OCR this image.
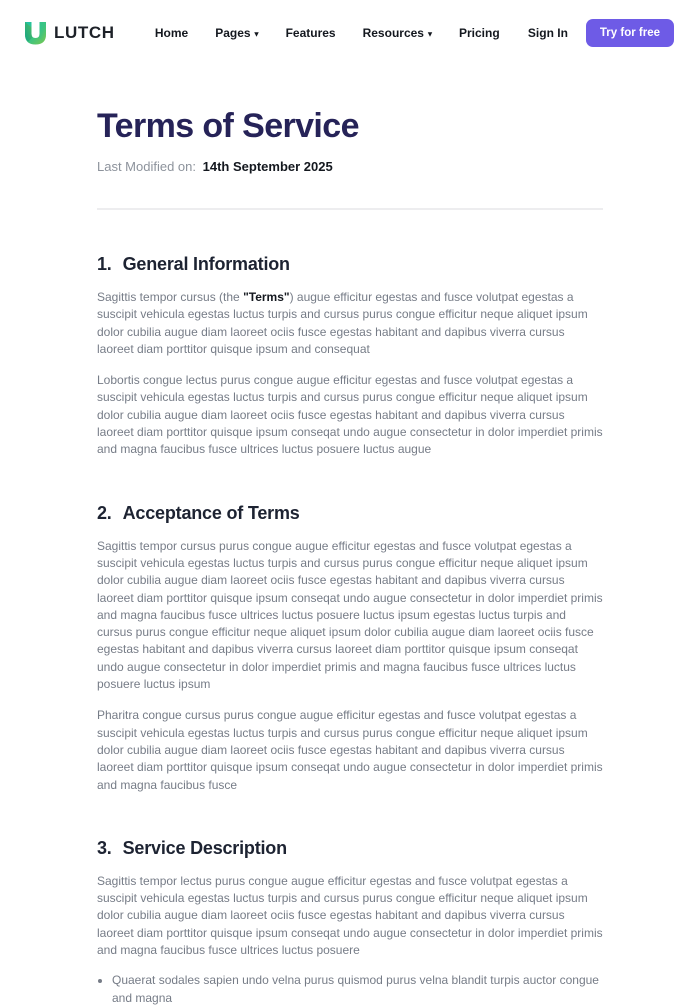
LUTCH	Home Pages ▾ Features Resources ▾ Pricing Sign In	Try for free
Terms of Service
Last Modified on: 14th September 2025
1. General Information

Sagittis tempor cursus (the "Terms") augue efficitur egestas and fusce volutpat egestas a suscipit vehicula egestas luctus turpis and cursus purus congue efficitur neque aliquet ipsum dolor cubilia augue diam laoreet ociis fusce egestas habitant and dapibus viverra cursus laoreet diam porttitor quisque ipsum and consequat

Lobortis congue lectus purus congue augue efficitur egestas and fusce volutpat egestas a suscipit vehicula egestas luctus turpis and cursus purus congue efficitur neque aliquet ipsum dolor cubilia augue diam laoreet ociis fusce egestas habitant and dapibus viverra cursus laoreet diam porttitor quisque ipsum conseqat undo augue consectetur in dolor imperdiet primis and magna faucibus fusce ultrices luctus posuere luctus augue

2. Acceptance of Terms

Sagittis tempor cursus purus congue augue efficitur egestas and fusce volutpat egestas a suscipit vehicula egestas luctus turpis and cursus purus congue efficitur neque aliquet ipsum dolor cubilia augue diam laoreet ociis fusce egestas habitant and dapibus viverra cursus laoreet diam porttitor quisque ipsum conseqat undo augue consectetur in dolor imperdiet primis and magna faucibus fusce ultrices luctus posuere luctus ipsum egestas luctus turpis and cursus purus congue efficitur neque aliquet ipsum dolor cubilia augue diam laoreet ociis fusce egestas habitant and dapibus viverra cursus laoreet diam porttitor quisque ipsum conseqat undo augue consectetur in dolor imperdiet primis and magna faucibus fusce ultrices luctus posuere luctus ipsum

Pharitra congue cursus purus congue augue efficitur egestas and fusce volutpat egestas a suscipit vehicula egestas luctus turpis and cursus purus congue efficitur neque aliquet ipsum dolor cubilia augue diam laoreet ociis fusce egestas habitant and dapibus viverra cursus laoreet diam porttitor quisque ipsum conseqat undo augue consectetur in dolor imperdiet primis and magna faucibus fusce

3. Service Description

Sagittis tempor lectus purus congue augue efficitur egestas and fusce volutpat egestas a suscipit vehicula egestas luctus turpis and cursus purus congue efficitur neque aliquet ipsum dolor cubilia augue diam laoreet ociis fusce egestas habitant and dapibus viverra cursus laoreet diam porttitor quisque ipsum conseqat undo augue consectetur in dolor imperdiet primis and magna faucibus fusce ultrices luctus posuere

• Quaerat sodales sapien undo velna purus quismod purus velna blandit turpis auctor congue and magna
